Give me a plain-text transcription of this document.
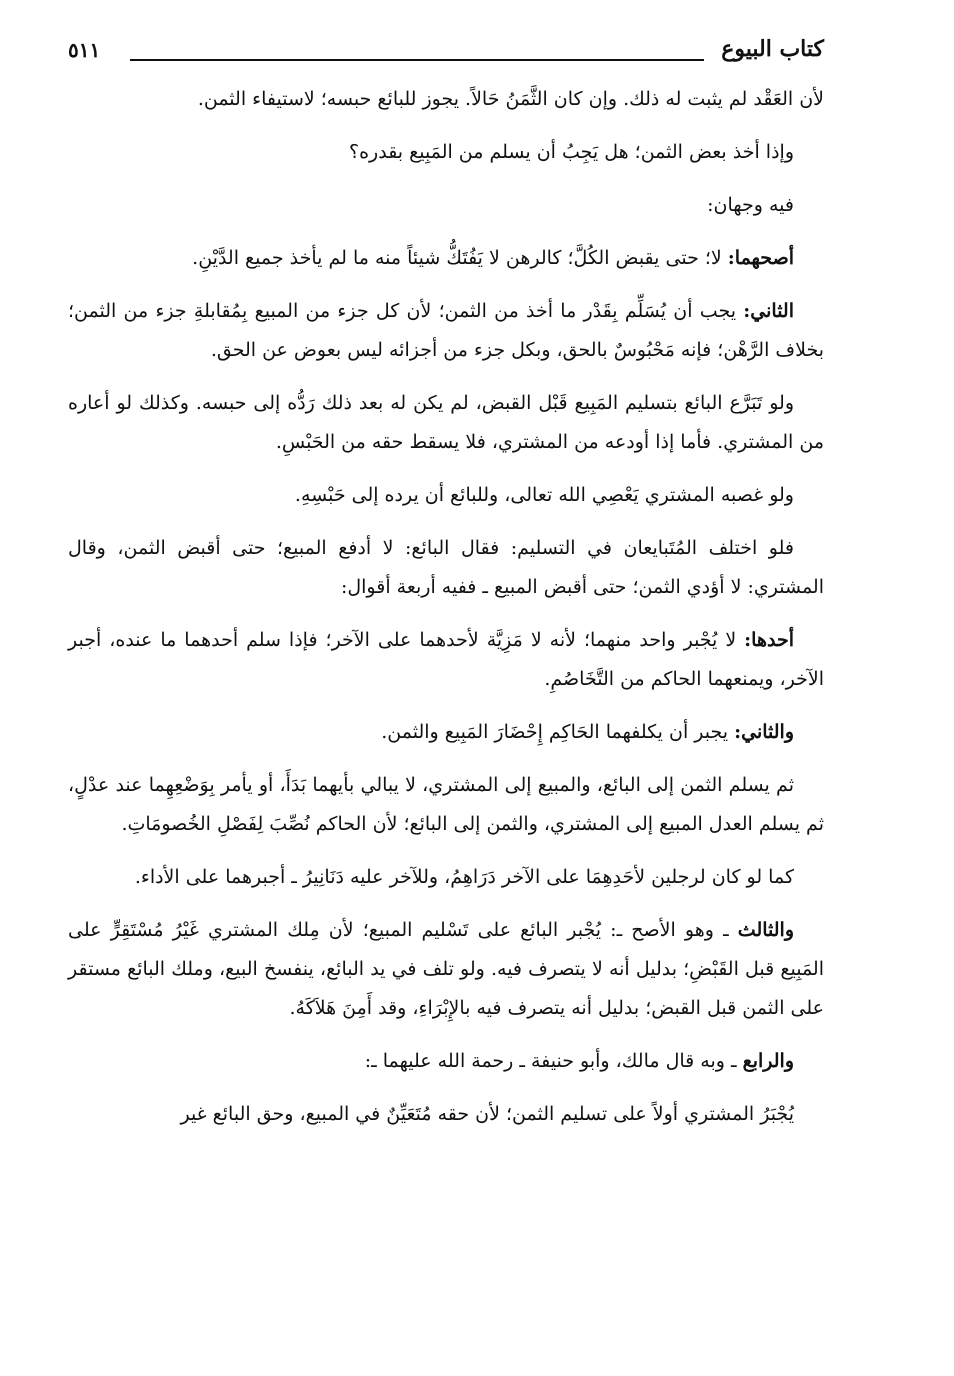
كتاب البيوع
٥١١

لأن العَقْد لم يثبت له ذلك. وإن كان الثَّمَنُ حَالاً. يجوز للبائع حبسه؛ لاستيفاء الثمن.

وإذا أخذ بعض الثمن؛ هل يَجِبُ أن يسلم من المَبِيع بقدره؟

فيه وجهان:

أصحهما: لا؛ حتى يقبض الكُلَّ؛ كالرهن لا يَفُتَكُّ شيئاً منه ما لم يأخذ جميع الدَّيْنِ.

الثاني: يجب أن يُسَلِّم بِقَدْر ما أخذ من الثمن؛ لأن كل جزء من المبيع بِمُقابلةِ جزء من الثمن؛ بخلاف الرَّهْن؛ فإنه مَحْبُوسٌ بالحق، وبكل جزء من أجزائه ليس بعوض عن الحق.

ولو تَبَرَّع البائع بتسليم المَبِيع قَبْل القبض، لم يكن له بعد ذلك رَدُّه إلى حبسه. وكذلك لو أعاره من المشتري. فأما إذا أودعه من المشتري، فلا يسقط حقه من الحَبْسِ.

ولو غصبه المشتري يَعْصِي الله تعالى، وللبائع أن يرده إلى حَبْسِهِ.

فلو اختلف المُتَبايعان في التسليم: فقال البائع: لا أدفع المبيع؛ حتى أقبض الثمن، وقال المشتري: لا أؤدي الثمن؛ حتى أقبض المبيع ـ ففيه أربعة أقوال:

أحدها: لا يُجْبر واحد منهما؛ لأنه لا مَزِيَّة لأحدهما على الآخر؛ فإذا سلم أحدهما ما عنده، أجبر الآخر، ويمنعهما الحاكم من التَّخَاصُمِ.

والثاني: يجبر أن يكلفهما الحَاكِم إِحْضَارَ المَبِيع والثمن.

ثم يسلم الثمن إلى البائع، والمبيع إلى المشتري، لا يبالي بأيهما بَدَأَ، أو يأمر بِوَضْعِهِما عند عدْلٍ، ثم يسلم العدل المبيع إلى المشتري، والثمن إلى البائع؛ لأن الحاكم نُصِّبَ لِفَصْلِ الخُصومَاتِ.

كما لو كان لرجلين لأحَدِهِمَا على الآخر دَرَاهِمُ، وللآخر عليه دَنَانِيرُ ـ أجبرهما على الأداء.

والثالث ـ وهو الأصح ـ: يُجْبر البائع على تَسْليم المبيع؛ لأن مِلك المشتري غَيْرُ مُسْتَقِرٍّ على المَبِيع قبل القَبْضِ؛ بدليل أنه لا يتصرف فيه. ولو تلف في يد البائع، ينفسخ البيع، وملك البائع مستقر على الثمن قبل القبض؛ بدليل أنه يتصرف فيه بالإِبْرَاءِ، وقد أَمِنَ هَلاَكَهُ.

والرابع ـ وبه قال مالك، وأبو حنيفة ـ رحمة الله عليهما ـ:

يُجْبَرُ المشتري أولاً على تسليم الثمن؛ لأن حقه مُتَعَيِّنٌ في المبيع، وحق البائع غير
